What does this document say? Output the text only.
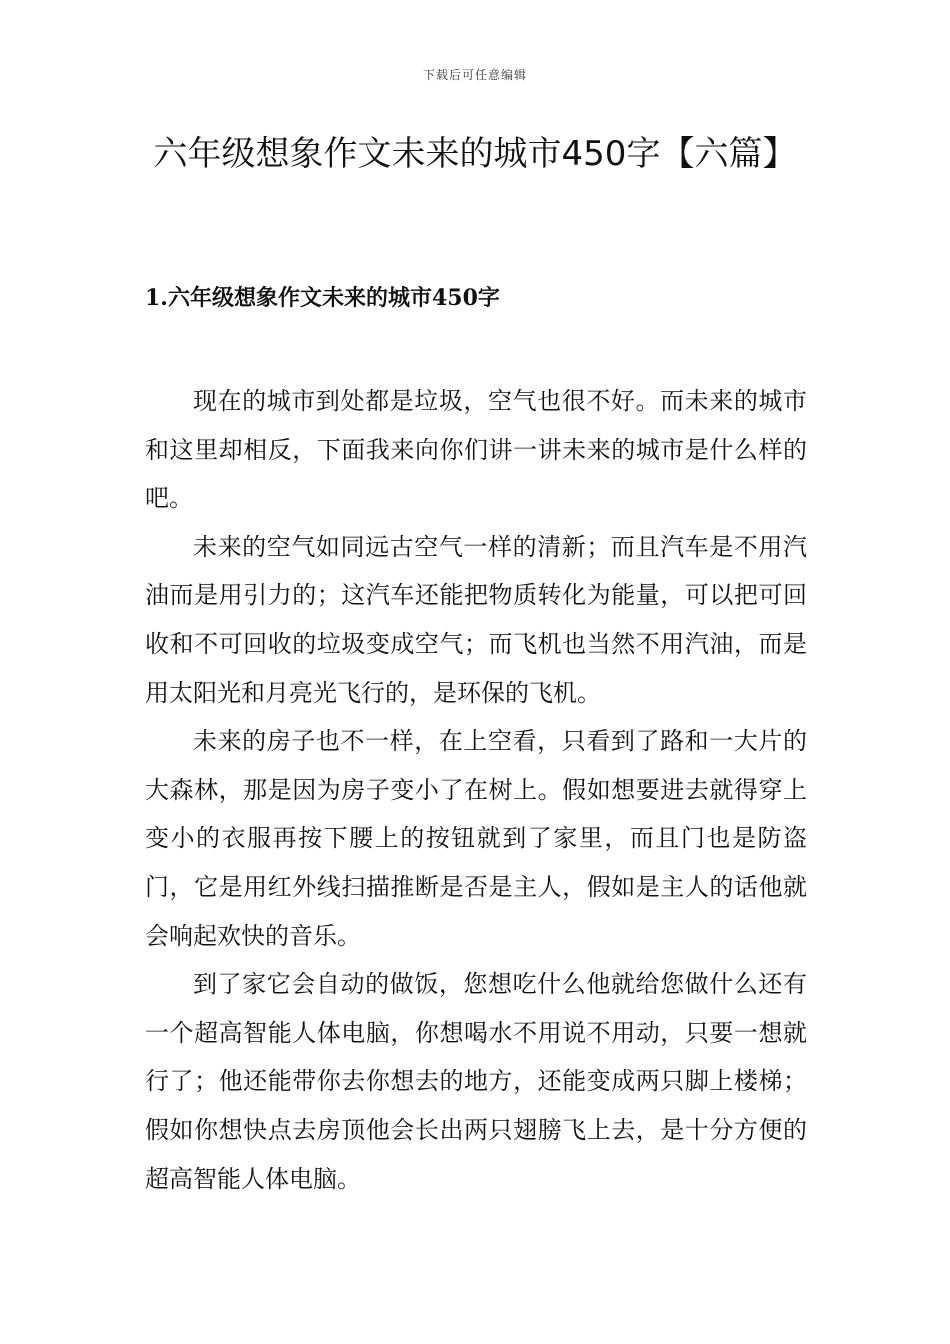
下载后可任意编辑
六年级想象作文未来的城市450字【六篇】
1.六年级想象作文未来的城市450字

现在的城市到处都是垃圾，空气也很不好。而未来的城市和这里却相反，下面我来向你们讲一讲未来的城市是什么样的吧。

未来的空气如同远古空气一样的清新；而且汽车是不用汽油而是用引力的；这汽车还能把物质转化为能量，可以把可回收和不可回收的垃圾变成空气；而飞机也当然不用汽油，而是用太阳光和月亮光飞行的，是环保的飞机。

未来的房子也不一样，在上空看，只看到了路和一大片的大森林，那是因为房子变小了在树上。假如想要进去就得穿上变小的衣服再按下腰上的按钮就到了家里，而且门也是防盗门，它是用红外线扫描推断是否是主人，假如是主人的话他就会响起欢快的音乐。

到了家它会自动的做饭，您想吃什么他就给您做什么还有一个超高智能人体电脑，你想喝水不用说不用动，只要一想就行了；他还能带你去你想去的地方，还能变成两只脚上楼梯；假如你想快点去房顶他会长出两只翅膀飞上去，是十分方便的超高智能人体电脑。
